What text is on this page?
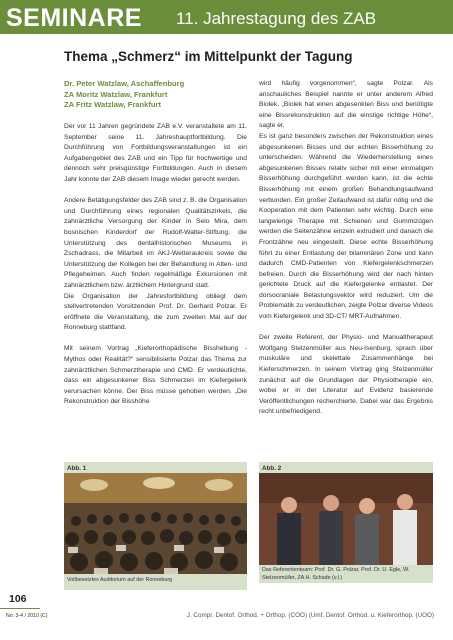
SEMINARE 11. Jahrestagung des ZAB
Thema „Schmerz“ im Mittelpunkt der Tagung
Dr. Peter Watzlaw, Aschaffenburg
ZA Moritz Watzlaw, Frankfurt
ZA Fritz Watzlaw, Frankfurt

Der vor 11 Jahren gegründete ZAB e.V. veranstaltete am 11. September seine 11. Jahreshauptfortbildung. Die Durchführung von Fortbildungsveranstaltungen ist ein Aufgabengebiet des ZAB und ein Tipp für hochwertige und dennoch sehr preisgünstige Fortbildungen. Auch in diesem Jahr konnte der ZAB diesem Image wieder gerecht werden.

Andere Betätigungsfelder des ZAB sind z. B. die Organisation und Durchführung eines regionalen Qualitätszirkels, die zahnärztliche Versorgung der Kinder in Selo Mira, dem bosnischen Kinderdorf der Rudolf-Walter-Stiftung, die Unterstützung des dentalhistorischen Museums in Zschadrass, die Mitarbeit im AKJ-Wetteraukreis sowie die Unterstützung der Kollegen bei der Behandlung in Alten- und Pflegeheimen. Auch finden regelmäßige Exkursionen mit zahnärztlichem bzw. ärztlichem Hintergrund statt.

Die Organisation der Jahresfortbildung obliegt dem stellvertretenden Vorsitzenden Prof. Dr. Gerhard Polzar. Er eröffnete die Veranstaltung, die zum zweiten Mal auf der Ronneburg stattfand.

Mit seinem Vortrag „Kieferorthopädische Bisshebung - Mythos oder Realität?“ sensibilisierte Polzar das Thema zur zahnärztlichen Schmerztherapie und CMD. Er verdeutlichte, dass ein abgesunkener Biss Schmerzen im Kiefergelenk verursachen könne. Der Biss müsse gehoben werden. „Die Rekonstruktion der Bisshöhe

wird häufig vorgenommen“, sagte Polzar. Als anschauliches Beispiel nannte er unter anderem Alfred Biolek. „Biolek hat einen abgesenkten Biss und benötigte eine Bissrekonstruktion auf die einstige richtige Höhe“, sagte er.

Es ist ganz besonders zwischen der Rekonstruktion eines abgesunkenen Bisses und der echten Bisserhöhung zu unterscheiden. Während die Wiederherstellung eines abgesunkenen Bisses relativ sicher mit einer einmaligen Bisserhöhung durchgeführt werden kann, ist die echte Bisserhöhung mit einem großen Behandlungsaufwand verbunden. Ein großer Zeitaufwand ist dafür nötig und die Kooperation mit dem Patienten sehr wichtig. Durch eine langwierige Therapie mit Schienen und Gummizügen werden die Seitenzähne einzeln extrudiert und danach die Frontzähne neu eingestellt. Diese echte Bisserhöhung führt zu einer Entlastung der bilaminären Zone und kann dadurch CMD-Patienten von Kiefergelenkschmerzen befreien. Durch die Bisserhöhung wird der nach hinten gerichtete Druck auf die Kiefergelenke entlastet. Der dorsocraniale Belastungsvektor wird reduziert. Um die Problematik zu verdeutlichen, zeigte Polzar diverse Videos vom Kiefergelenk und 3D-CT/ MRT-Aufnahmen.

Der zweite Referent, der Physio- und Manualtherapeut Wolfgang Stelzenmüller aus Neu-Isenburg, sprach über muskuläre und skelettale Zusammenhänge bei Kieferschmerzen. In seinem Vortrag ging Stelzenmüller zunächst auf die Grundlagen der Physiotherapie ein, wobei er in der Literatur auf Evidenz basierende Veröffentlichungen recherchierte. Dabei war das Ergebnis recht unbefriedigend.

Abb. 1
Vollbesetztes Auditorium auf der Ronneburg
Abb. 2
Das Referententeam: Prof. Dr. G. Polzar, Prof. Dr. U. Egle, W. Stelzenmüller, ZA H. Schade (v.l.)
106
No. 3-4 / 2010 (C)	J. Compr. Dentof. Orthod. + Orthop. (COO) (Umf. Dentof. Orthod. u. Kieferorthop. (UOO)
